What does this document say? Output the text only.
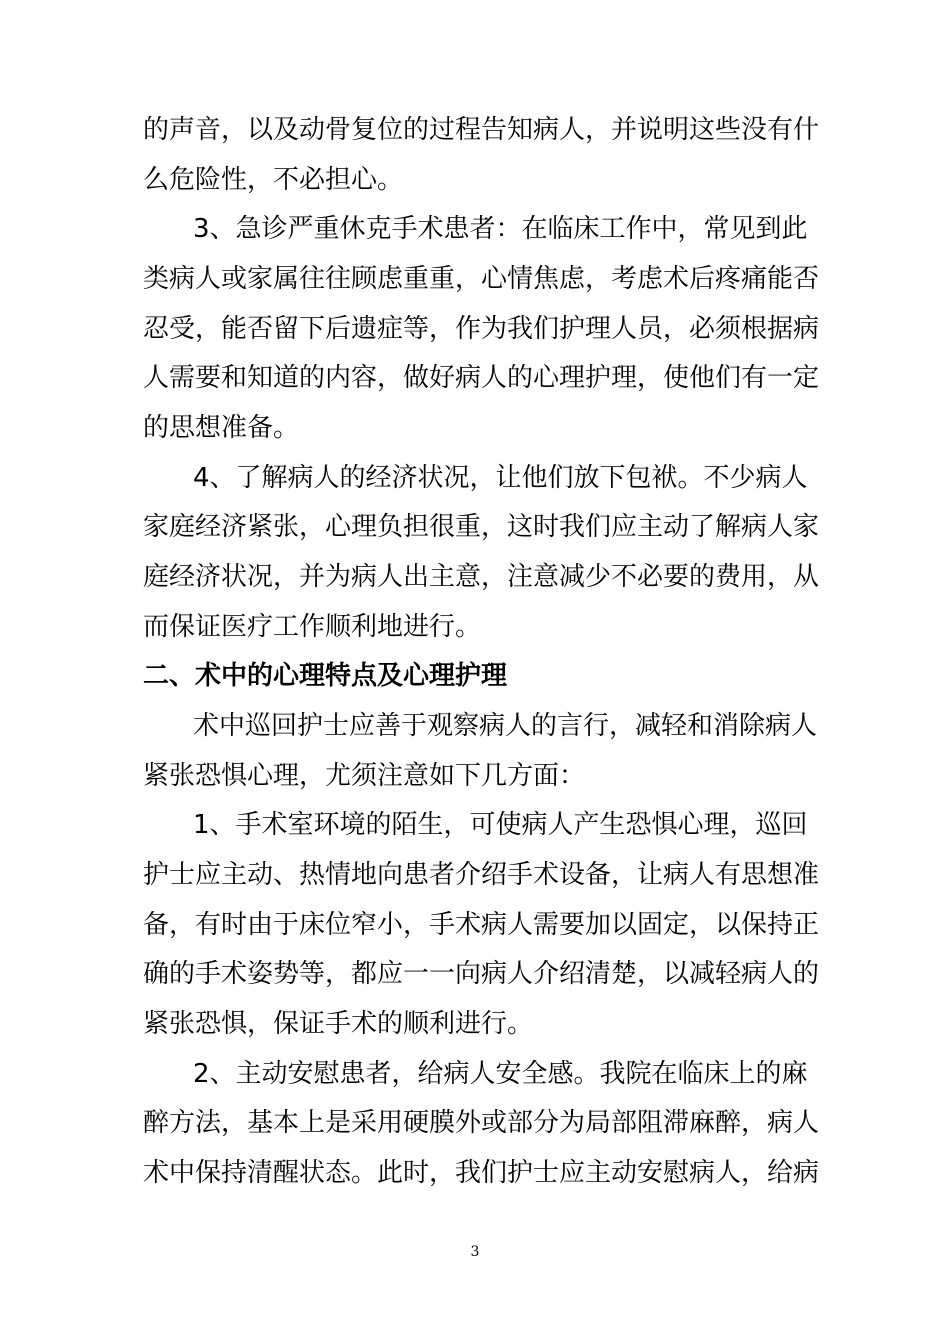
的声音，以及动骨复位的过程告知病人，并说明这些没有什

么危险性，不必担心。

3、急诊严重休克手术患者：在临床工作中，常见到此

类病人或家属往往顾虑重重，心情焦虑，考虑术后疼痛能否

忍受，能否留下后遗症等，作为我们护理人员，必须根据病

人需要和知道的内容，做好病人的心理护理，使他们有一定

的思想准备。

4、了解病人的经济状况，让他们放下包袱。不少病人

家庭经济紧张，心理负担很重，这时我们应主动了解病人家

庭经济状况，并为病人出主意，注意减少不必要的费用，从

而保证医疗工作顺利地进行。

二、术中的心理特点及心理护理

术中巡回护士应善于观察病人的言行，减轻和消除病人

紧张恐惧心理，尤须注意如下几方面：

1、手术室环境的陌生，可使病人产生恐惧心理，巡回

护士应主动、热情地向患者介绍手术设备，让病人有思想准

备，有时由于床位窄小，手术病人需要加以固定，以保持正

确的手术姿势等，都应一一向病人介绍清楚，以减轻病人的

紧张恐惧，保证手术的顺利进行。

2、主动安慰患者，给病人安全感。我院在临床上的麻

醉方法，基本上是采用硬膜外或部分为局部阻滞麻醉，病人

术中保持清醒状态。此时，我们护士应主动安慰病人，给病

3
